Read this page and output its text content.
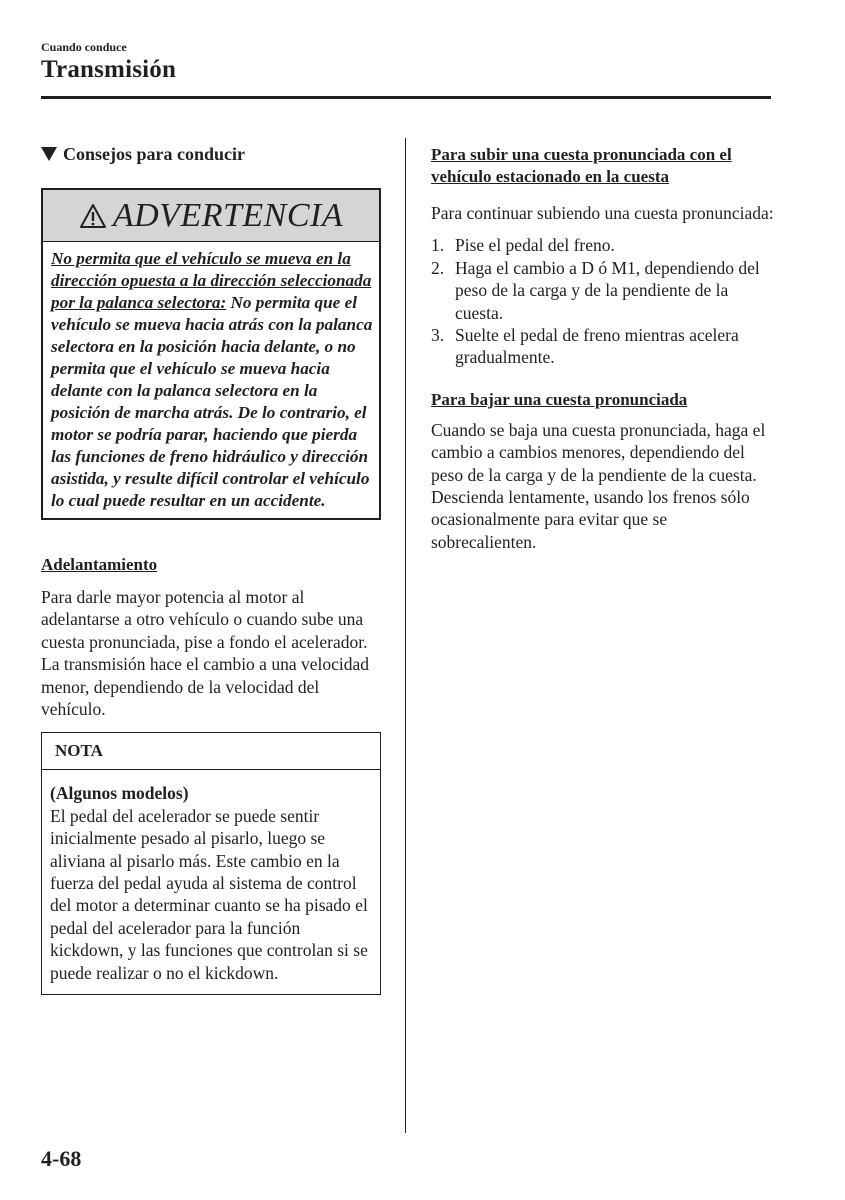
Cuando conduce
Transmisión
Consejos para conducir
ADVERTENCIA
No permita que el vehículo se mueva en la dirección opuesta a la dirección seleccionada por la palanca selectora: No permita que el vehículo se mueva hacia atrás con la palanca selectora en la posición hacia delante, o no permita que el vehículo se mueva hacia delante con la palanca selectora en la posición de marcha atrás. De lo contrario, el motor se podría parar, haciendo que pierda las funciones de freno hidráulico y dirección asistida, y resulte difícil controlar el vehículo lo cual puede resultar en un accidente.

Adelantamiento

Para darle mayor potencia al motor al adelantarse a otro vehículo o cuando sube una cuesta pronunciada, pise a fondo el acelerador. La transmisión hace el cambio a una velocidad menor, dependiendo de la velocidad del vehículo.

NOTA
(Algunos modelos)
El pedal del acelerador se puede sentir inicialmente pesado al pisarlo, luego se aliviana al pisarlo más. Este cambio en la fuerza del pedal ayuda al sistema de control del motor a determinar cuanto se ha pisado el pedal del acelerador para la función kickdown, y las funciones que controlan si se puede realizar o no el kickdown.

Para subir una cuesta pronunciada con el vehículo estacionado en la cuesta

Para continuar subiendo una cuesta pronunciada:

1. Pise el pedal del freno.
2. Haga el cambio a D ó M1, dependiendo del peso de la carga y de la pendiente de la cuesta.
3. Suelte el pedal de freno mientras acelera gradualmente.

Para bajar una cuesta pronunciada

Cuando se baja una cuesta pronunciada, haga el cambio a cambios menores, dependiendo del peso de la carga y de la pendiente de la cuesta. Descienda lentamente, usando los frenos sólo ocasionalmente para evitar que se sobrecalienten.

4-68
